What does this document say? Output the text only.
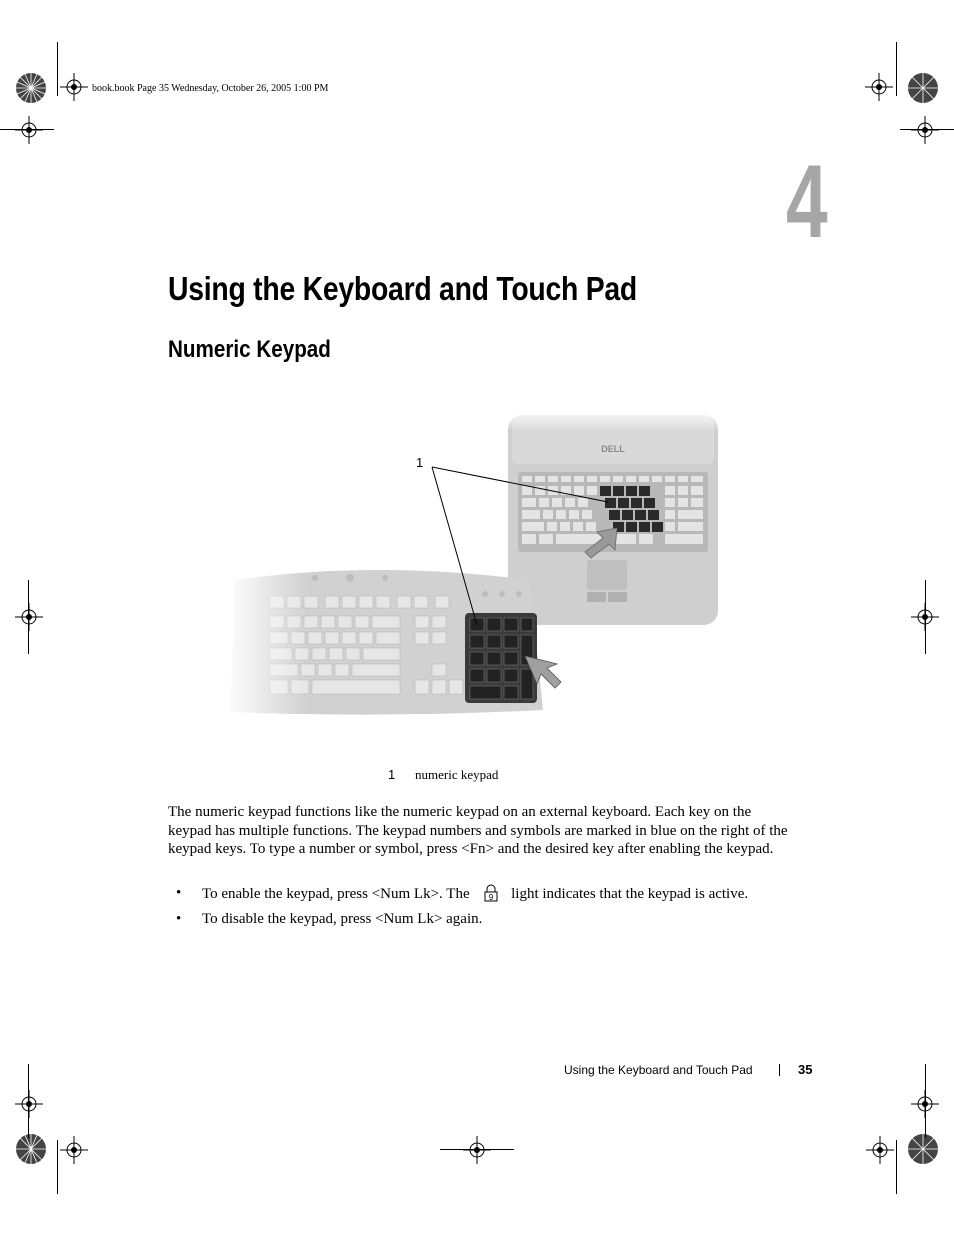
book.book Page 35 Wednesday, October 26, 2005 1:00 PM
4
Using the Keyboard and Touch Pad
Numeric Keypad
1
1 numeric keypad

The numeric keypad functions like the numeric keypad on an external keyboard. Each key on the keypad has multiple functions. The keypad numbers and symbols are marked in blue on the right of the keypad keys. To type a number or symbol, press <Fn> and the desired key after enabling the keypad.

• To enable the keypad, press <Num Lk>. The 9 light indicates that the keypad is active.
• To disable the keypad, press <Num Lk> again.
Using the Keyboard and Touch Pad	35
